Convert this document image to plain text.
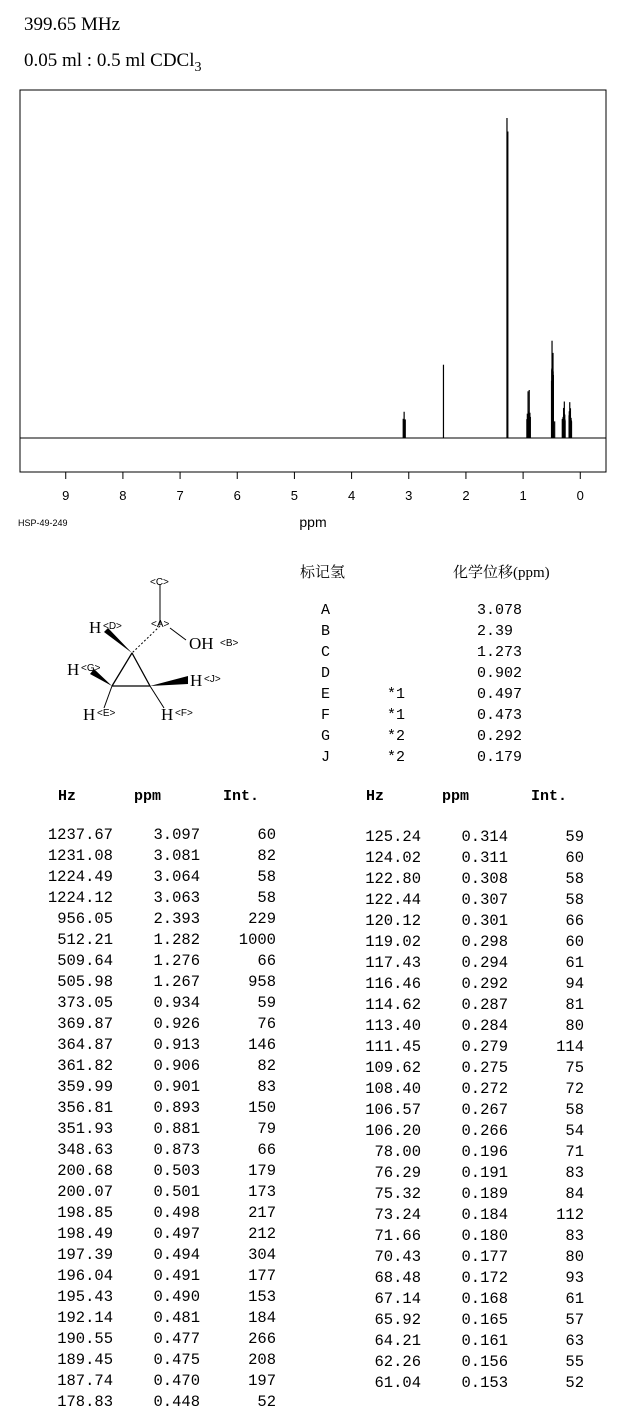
399.65 MHz
0.05 ml : 0.5 ml CDCl$_3$
9	8	7	6	5	4	3	2	1	0
ppm
HSP-49-249
<C>
<A>
OH <B>
H <D>
H <G>
H <J>
H <E>	H <F>
标记氢	化学位移(ppm)
A	3.078
B	2.39
C	1.273
D	0.902
E	*1	0.497
F	*1	0.473
G	*2	0.292
J	*2	0.179
Hz	ppm	Int.	Hz	ppm	Int.
1237.67	3.097	60
1231.08	3.081	82
1224.49	3.064	58
1224.12	3.063	58
956.05	2.393	229
512.21	1.282	1000
509.64	1.276	66
505.98	1.267	958
373.05	0.934	59
369.87	0.926	76
364.87	0.913	146
361.82	0.906	82
359.99	0.901	83
356.81	0.893	150
351.93	0.881	79
348.63	0.873	66
200.68	0.503	179
200.07	0.501	173
198.85	0.498	217
198.49	0.497	212
197.39	0.494	304
196.04	0.491	177
195.43	0.490	153
192.14	0.481	184
190.55	0.477	266
189.45	0.475	208
187.74	0.470	197
178.83	0.448	52
125.24	0.314	59
124.02	0.311	60
122.80	0.308	58
122.44	0.307	58
120.12	0.301	66
119.02	0.298	60
117.43	0.294	61
116.46	0.292	94
114.62	0.287	81
113.40	0.284	80
111.45	0.279	114
109.62	0.275	75
108.40	0.272	72
106.57	0.267	58
106.20	0.266	54
78.00	0.196	71
76.29	0.191	83
75.32	0.189	84
73.24	0.184	112
71.66	0.180	83
70.43	0.177	80
68.48	0.172	93
67.14	0.168	61
65.92	0.165	57
64.21	0.161	63
62.26	0.156	55
61.04	0.153	52
